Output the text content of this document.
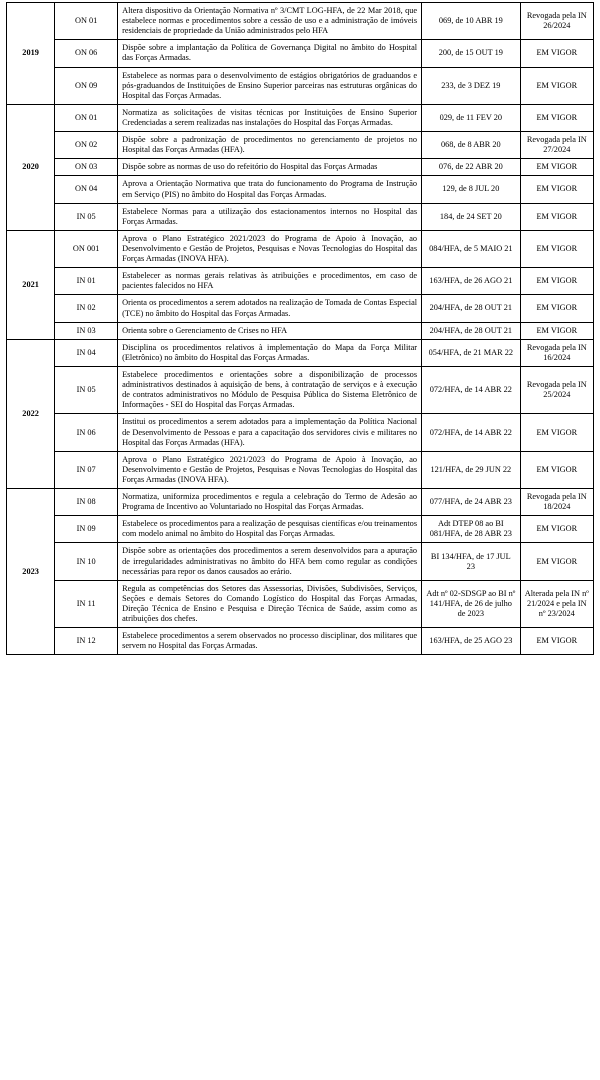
2019	ON 01	Altera dispositivo da Orientação Normativa nº 3/CMT LOG-HFA, de 22 Mar 2018, que estabelece normas e procedimentos sobre a cessão de uso e a administração de imóveis residenciais de propriedade da União administrados pelo HFA	069, de 10 ABR 19	Revogada pela IN 26/2024
	ON 06	Dispõe sobre a implantação da Política de Governança Digital no âmbito do Hospital das Forças Armadas.	200, de 15 OUT 19	EM VIGOR
	ON 09	Estabelece as normas para o desenvolvimento de estágios obrigatórios de graduandos e pós-graduandos de Instituições de Ensino Superior parceiras nas estruturas orgânicas do Hospital das Forças Armadas.	233, de 3 DEZ 19	EM VIGOR
2020	ON 01	Normatiza as solicitações de visitas técnicas por Instituições de Ensino Superior Credenciadas a serem realizadas nas instalações do Hospital das Forças Armadas.	029, de 11 FEV 20	EM VIGOR
	ON 02	Dispõe sobre a padronização de procedimentos no gerenciamento de projetos no Hospital das Forças Armadas (HFA).	068, de 8 ABR 20	Revogada pela IN 27/2024
	ON 03	Dispõe sobre as normas de uso do refeitório do Hospital das Forças Armadas	076, de 22 ABR 20	EM VIGOR
	ON 04	Aprova a Orientação Normativa que trata do funcionamento do Programa de Instrução em Serviço (PIS) no âmbito do Hospital das Forças Armadas.	129, de 8 JUL 20	EM VIGOR
	IN 05	Estabelece Normas para a utilização dos estacionamentos internos no Hospital das Forças Armadas.	184, de 24 SET 20	EM VIGOR
2021	ON 001	Aprova o Plano Estratégico 2021/2023 do Programa de Apoio à Inovação, ao Desenvolvimento e Gestão de Projetos, Pesquisas e Novas Tecnologias do Hospital das Forças Armadas (INOVA HFA).	084/HFA, de 5 MAIO 21	EM VIGOR
	IN 01	Estabelecer as normas gerais relativas às atribuições e procedimentos, em caso de pacientes falecidos no HFA	163/HFA, de 26 AGO 21	EM VIGOR
	IN 02	Orienta os procedimentos a serem adotados na realização de Tomada de Contas Especial (TCE) no âmbito do Hospital das Forças Armadas.	204/HFA, de 28 OUT 21	EM VIGOR
	IN 03	Orienta sobre o Gerenciamento de Crises no HFA	204/HFA, de 28 OUT 21	EM VIGOR
2022	IN 04	Disciplina os procedimentos relativos à implementação do Mapa da Força Militar (Eletrônico) no âmbito do Hospital das Forças Armadas.	054/HFA, de 21 MAR 22	Revogada pela IN 16/2024
	IN 05	Estabelece procedimentos e orientações sobre a disponibilização de processos administrativos destinados à aquisição de bens, à contratação de serviços e à execução de contratos administrativos no Módulo de Pesquisa Pública do Sistema Eletrônico de Informações - SEI do Hospital das Forças Armadas.	072/HFA, de 14 ABR 22	Revogada pela IN 25/2024
	IN 06	Institui os procedimentos a serem adotados para a implementação da Política Nacional de Desenvolvimento de Pessoas e para a capacitação dos servidores civis e militares no Hospital das Forças Armadas (HFA).	072/HFA, de 14 ABR 22	EM VIGOR
	IN 07	Aprova o Plano Estratégico 2021/2023 do Programa de Apoio à Inovação, ao Desenvolvimento e Gestão de Projetos, Pesquisas e Novas Tecnologias do Hospital das Forças Armadas (INOVA HFA).	121/HFA, de 29 JUN 22	EM VIGOR
2023	IN 08	Normatiza, uniformiza procedimentos e regula a celebração do Termo de Adesão ao Programa de Incentivo ao Voluntariado no Hospital das Forças Armadas.	077/HFA, de 24 ABR 23	Revogada pela IN 18/2024
	IN 09	Estabelece os procedimentos para a realização de pesquisas científicas e/ou treinamentos com modelo animal no âmbito do Hospital das Forças Armadas.	Adt DTEP 08 ao BI 081/HFA, de 28 ABR 23	EM VIGOR
	IN 10	Dispõe sobre as orientações dos procedimentos a serem desenvolvidos para a apuração de irregularidades administrativas no âmbito do HFA bem como regular as condições necessárias para repor os danos causados ao erário.	BI 134/HFA, de 17 JUL 23	EM VIGOR
	IN 11	Regula as competências dos Setores das Assessorias, Divisões, Subdivisões, Serviços, Seções e demais Setores do Comando Logístico do Hospital das Forças Armadas, Direção Técnica de Ensino e Pesquisa e Direção Técnica de Saúde, assim como as atribuições dos chefes.	Adt nº 02-SDSGP ao BI nº 141/HFA, de 26 de julho de 2023	Alterada pela IN nº 21/2024 e pela IN nº 23/2024
	IN 12	Estabelece procedimentos a serem observados no processo disciplinar, dos militares que servem no Hospital das Forças Armadas.	163/HFA, de 25 AGO 23	EM VIGOR
